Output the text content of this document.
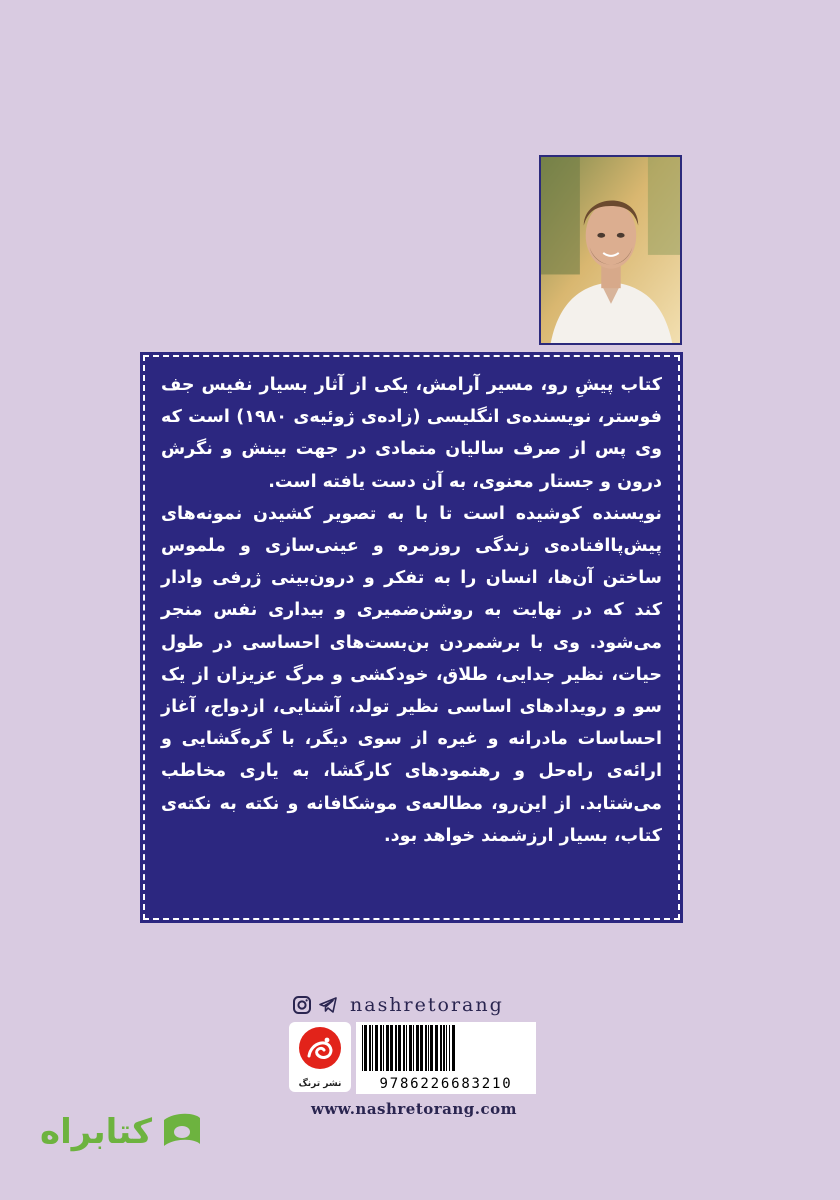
کتاب پیشِ رو، مسیر آرامش، یکی از آثار بسیار نفیس جف فوستر، نویسنده‌ی انگلیسی (زاده‌ی ژوئیه‌ی ۱۹۸۰) است که وی پس از صرف سالیان متمادی در جهت بینش و نگرش درون و جستار معنوی، به آن دست یافته است.

نویسنده کوشیده است تا با به تصویر کشیدن نمونه‌های پیش‌پاافتاده‌ی زندگی روزمره و عینی‌سازی و ملموس ساختن آن‌ها، انسان را به تفکر و درون‌بینی ژرفی وادار کند که در نهایت به روشن‌ضمیری و بیداری نفس منجر می‌شود. وی با برشمردن بن‌بست‌های احساسی در طول حیات، نظیر جدایی، طلاق، خودکشی و مرگ عزیزان از یک سو و رویدادهای اساسی نظیر تولد، آشنایی، ازدواج، آغاز احساسات مادرانه و غیره از سوی دیگر، با گره‌گشایی و ارائه‌ی راه‌حل و رهنمودهای کارگشا، به یاری مخاطب می‌شتابد. از این‌رو، مطالعه‌ی موشکافانه و نکته به نکته‌ی کتاب، بسیار ارزشمند خواهد بود.

nashretorang
نشر ترنگ	9786226683210
www.nashretorang.com
کتابراه
